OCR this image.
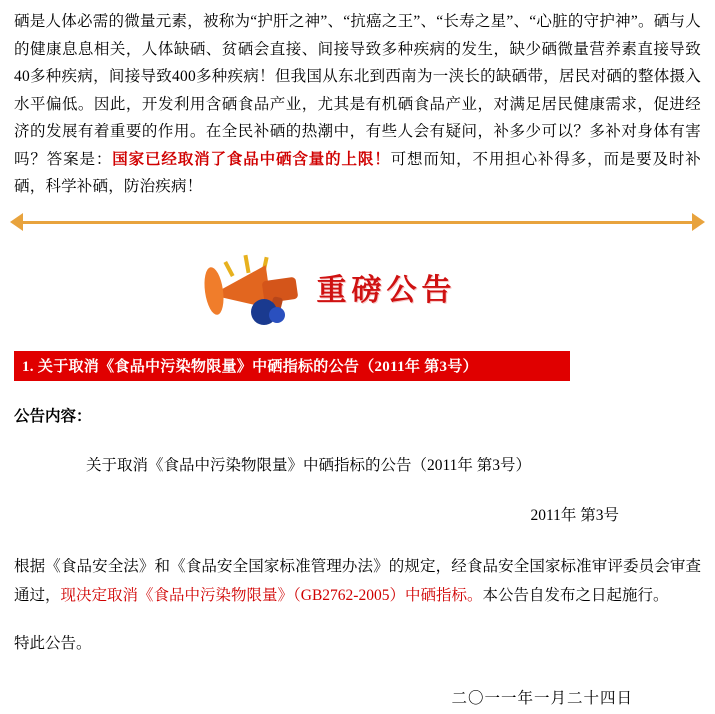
硒是人体必需的微量元素，被称为“护肝之神”、“抗癌之王”、“长寿之星”、“心脏的守护神”。硒与人的健康息息相关，人体缺硒、贫硒会直接、间接导致多种疾病的发生，缺少硒微量营养素直接导致40多种疾病，间接导致400多种疾病！但我国从东北到西南为一浃长的缺硒带，居民对硒的整体摄入水平偏低。因此，开发利用含硒食品产业，尤其是有机硒食品产业，对满足居民健康需求，促进经济的发展有着重要的作用。在全民补硒的热潮中，有些人会有疑问，补多少可以？多补对身体有害吗？答案是：国家已经取消了食品中硒含量的上限！可想而知，不用担心补得多，而是要及时补硒，科学补硒，防治疾病！
重磅公告
1. 关于取消《食品中污染物限量》中硒指标的公告（2011年 第3号）
公告内容：
关于取消《食品中污染物限量》中硒指标的公告（2011年 第3号）
2011年 第3号
根据《食品安全法》和《食品安全国家标准管理办法》的规定，经食品安全国家标准审评委员会审查通过，现决定取消《食品中污染物限量》（GB2762-2005）中硒指标。本公告自发布之日起施行。
特此公告。
二〇一一年一月二十四日
